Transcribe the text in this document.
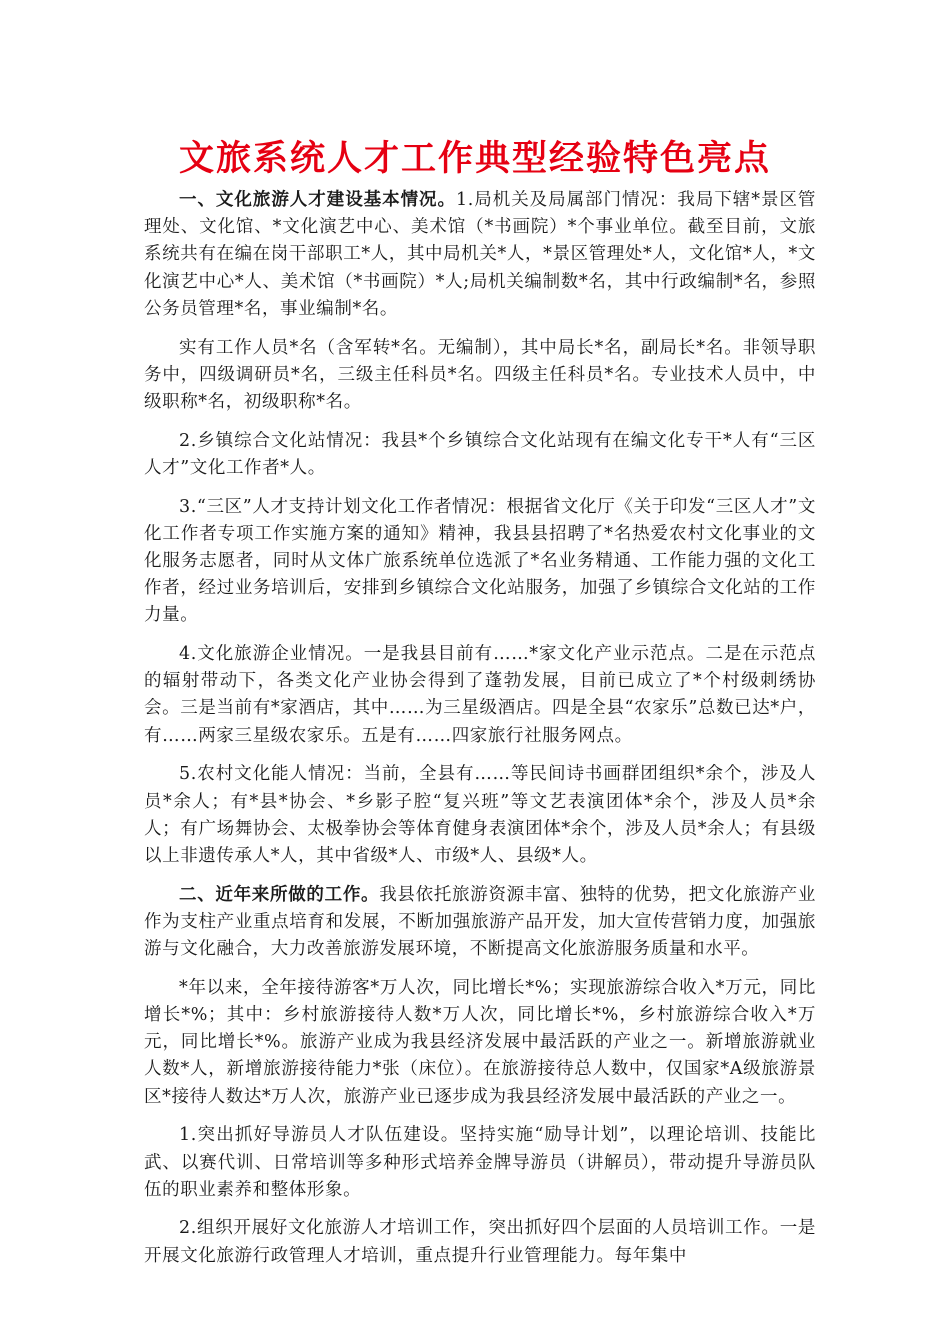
文旅系统人才工作典型经验特色亮点

一、文化旅游人才建设基本情况。1.局机关及局属部门情况：我局下辖*景区管理处、文化馆、*文化演艺中心、美术馆（*书画院）*个事业单位。截至目前，文旅系统共有在编在岗干部职工*人，其中局机关*人，*景区管理处*人，文化馆*人，*文化演艺中心*人、美术馆（*书画院）*人;局机关编制数*名，其中行政编制*名，参照公务员管理*名，事业编制*名。

实有工作人员*名（含军转*名。无编制），其中局长*名，副局长*名。非领导职务中，四级调研员*名，三级主任科员*名。四级主任科员*名。专业技术人员中，中级职称*名，初级职称*名。

2.乡镇综合文化站情况：我县*个乡镇综合文化站现有在编文化专干*人有“三区人才”文化工作者*人。

3.“三区”人才支持计划文化工作者情况：根据省文化厅《关于印发“三区人才”文化工作者专项工作实施方案的通知》精神，我县县招聘了*名热爱农村文化事业的文化服务志愿者，同时从文体广旅系统单位选派了*名业务精通、工作能力强的文化工作者，经过业务培训后，安排到乡镇综合文化站服务，加强了乡镇综合文化站的工作力量。

4.文化旅游企业情况。一是我县目前有……*家文化产业示范点。二是在示范点的辐射带动下，各类文化产业协会得到了蓬勃发展，目前已成立了*个村级刺绣协会。三是当前有*家酒店，其中……为三星级酒店。四是全县“农家乐”总数已达*户，有……两家三星级农家乐。五是有……四家旅行社服务网点。

5.农村文化能人情况：当前，全县有……等民间诗书画群团组织*余个，涉及人员*余人；有*县*协会、*乡影子腔“复兴班”等文艺表演团体*余个，涉及人员*余人；有广场舞协会、太极拳协会等体育健身表演团体*余个，涉及人员*余人；有县级以上非遗传承人*人，其中省级*人、市级*人、县级*人。

二、近年来所做的工作。我县依托旅游资源丰富、独特的优势，把文化旅游产业作为支柱产业重点培育和发展，不断加强旅游产品开发，加大宣传营销力度，加强旅游与文化融合，大力改善旅游发展环境，不断提高文化旅游服务质量和水平。

*年以来，全年接待游客*万人次，同比增长*%；实现旅游综合收入*万元，同比增长*%；其中：乡村旅游接待人数*万人次，同比增长*%，乡村旅游综合收入*万元，同比增长*%。旅游产业成为我县经济发展中最活跃的产业之一。新增旅游就业人数*人，新增旅游接待能力*张（床位）。在旅游接待总人数中，仅国家*A级旅游景区*接待人数达*万人次，旅游产业已逐步成为我县经济发展中最活跃的产业之一。

1.突出抓好导游员人才队伍建设。坚持实施“励导计划”，以理论培训、技能比武、以赛代训、日常培训等多种形式培养金牌导游员（讲解员），带动提升导游员队伍的职业素养和整体形象。

2.组织开展好文化旅游人才培训工作，突出抓好四个层面的人员培训工作。一是开展文化旅游行政管理人才培训，重点提升行业管理能力。每年集中
